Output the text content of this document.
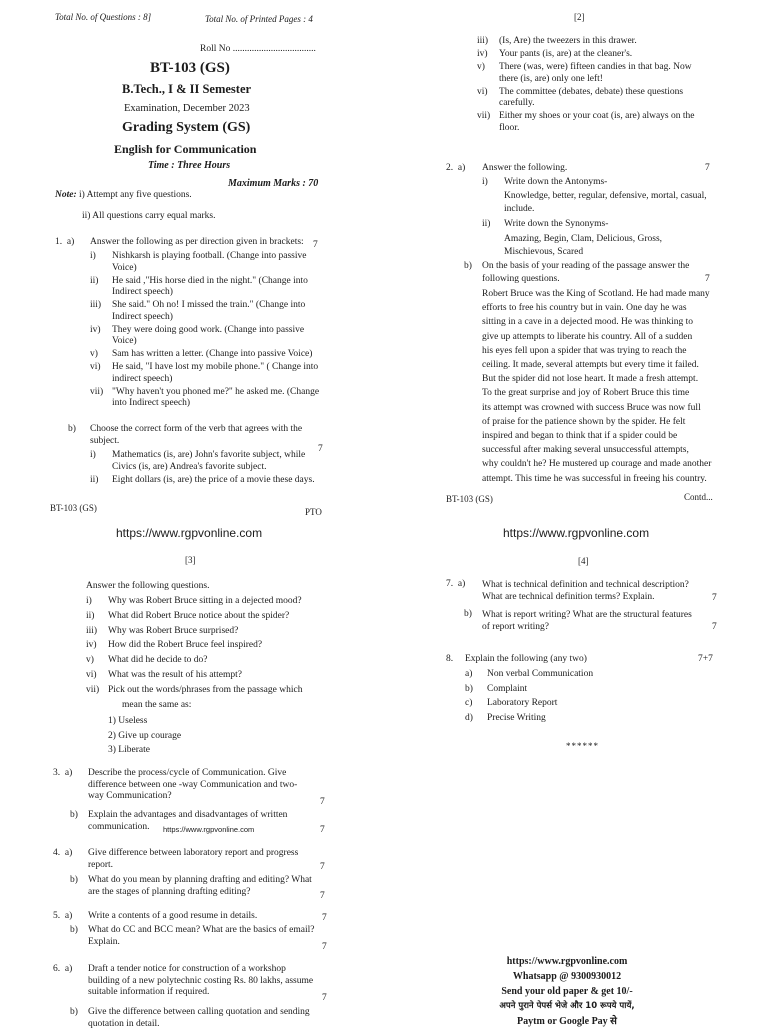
Total No. of Questions : 8]	Total No. of Printed Pages : 4
Roll No ...................................
BT-103 (GS)
B.Tech., I & II Semester
Examination, December 2023
Grading System (GS)
English for Communication
Time : Three Hours
Maximum Marks : 70
Note: i) Attempt any five questions.
ii) All questions carry equal marks.
1.  a) Answer the following as per direction given in brackets: 7
i) Nishkarsh is playing football. (Change into passive
Voice)
ii) He said ,"His horse died in the night." (Change into
Indirect speech)
iii) She said." Oh no! I missed the train." (Change into
Indirect speech)
iv) They were doing good work. (Change into passive
Voice)
v) Sam has written a letter. (Change into passive Voice)
vi) He said, "I have lost my mobile phone." ( Change into
indirect speech)
vii) "Why haven't you phoned me?" he asked me. (Change
into Indirect speech)
b) Choose the correct form of the verb that agrees with the
subject.
7
i) Mathematics (is, are) John's favorite subject, while
Civics (is, are) Andrea's favorite subject.
ii) Eight dollars (is, are) the price of a movie these days.
BT-103 (GS)	PTO
[2]
iii) (Is, Are) the tweezers in this drawer.
iv) Your pants (is, are) at the cleaner's.
v) There (was, were) fifteen candies in that bag. Now
there (is, are) only one left!
vi) The committee (debates, debate) these questions
carefully.
vii) Either my shoes or your coat (is, are) always on the
floor.
2.  a) Answer the following.	7
i) Write down the Antonyms-
Knowledge, better, regular, defensive, mortal, casual,
include.
ii) Write down the Synonyms-
Amazing, Begin, Clam, Delicious, Gross,
Mischievous, Scared
b) On the basis of your reading of the passage answer the
following questions.	7
Robert Bruce was the King of Scotland. He had made many
efforts to free his country but in vain. One day he was
sitting in a cave in a dejected mood. He was thinking to
give up attempts to liberate his country. All of a sudden
his eyes fell upon a spider that was trying to reach the
ceiling. It made, several attempts but every time it failed.
But the spider did not lose heart. It made a fresh attempt.
To the great surprise and joy of Robert Bruce this time
its attempt was crowned with success Bruce was now full
of praise for the patience shown by the spider. He felt
inspired and began to think that if a spider could be
successful after making several unsuccessful attempts,
why couldn't he? He mustered up courage and made another
attempt. This time he was successful in freeing his country.
BT-103 (GS)	Contd...
https://www.rgpvonline.com	https://www.rgpvonline.com
[3]
Answer the following questions.
i) Why was Robert Bruce sitting in a dejected mood?
ii) What did Robert Bruce notice about the spider?
iii) Why was Robert Bruce surprised?
iv) How did the Robert Bruce feel inspired?
v) What did he decide to do?
vi) What was the result of his attempt?
vii) Pick out the words/phrases from the passage which
mean the same as:
1) Useless
2) Give up courage
3) Liberate
3.  a) Describe the process/cycle of Communication. Give
difference between one -way Communication and two-
way Communication?
7
b) Explain the advantages and disadvantages of written
communication.	https://www.rgpvonline.com	7
4.  a) Give difference between laboratory report and progress
report.	7
b) What do you mean by planning drafting and editing? What
are the stages of planning drafting editing?	7
5.  a) Write a contents of a good resume in details.	7
b) What do CC and BCC mean? What are the basics of email?
Explain.
7
6.  a) Draft a tender notice for construction of a workshop
building of a new polytechnic costing Rs. 80 lakhs, assume
suitable information if required.
7
b) Give the difference between calling quotation and sending
quotation in detail.
[4]
7.  a) What is technical definition and technical description?
What are technical definition terms? Explain.	7
b) What is report writing? What are the structural features
of report writing?	7
8. Explain the following (any two)	7+7
a) Non verbal Communication
b) Complaint
c) Laboratory Report
d) Precise Writing
******
https://www.rgpvonline.com
Whatsapp @ 9300930012
Send your old paper & get 10/-
अपने पुराने पेपर्स भेजे और 10 रूपये पायें,
Paytm or Google Pay से
